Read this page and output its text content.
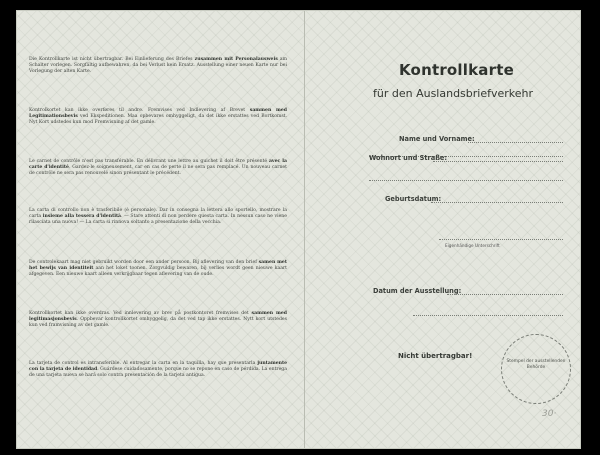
Die Kontrollkarte ist nicht übertragbar. Bei Einlieferung des Briefes zusammen mit Personalausweis am Schalter vorlegen. Sorgfältig aufbewahren, da bei Verlust kein Ersatz. Ausstellung einer neuen Karte nur bei Vorlegung der alten Karte.

Kontrolkortet kan ikke overføres til andre. Fremvises ved Indlevering af Brevet sammen med Legitimationsbevis ved Ekspeditionen. Maa opbevares omhyggeligt, da det ikke erstattes ved Bortkomst. Nyt Kort udstedes kun mod Fremvisning af det gamle.

Le carnet de contrôle n'est pas transférable. En délivrant une lettre au guichet il doit être présenté avec la carte d'identité. Gardez-le soigneusement, car en cas de perte il ne sera pas remplacé. Un nouveau carnet de contrôle ne sera pas renouvelé sinon présentant le précédent.

La carta di controllo non è trasferibile (è personale). Dar in consegna la lettera allo sportello, mostrare la carta insieme alla tessera d'identità. — Stare attenti di non perdere questa carta. In nessun caso ne viene rilasciata una nuova! — La carta si rinnova soltanto a presentazione della vecchia.

De controlekaart mag niet gebruikt worden door een ander persoon. Bij aflevering van den brief samen met het bewijs van identiteit aan het loket toonen. Zorgvuldig bewaren, bij verlies wordt geen nieuwe kaart afgegeven. Een nieuwe kaart alleen verkrijgbaar tegen aflevering van de oude.

Kontrollkortet kan ikke overdras. Ved innlevering av brev på postkontoret fremvises det sammen med legitimasjonsbevis. Oppbevar kontrollkortet omhyggelig, da det ved tap ikke erstattes. Nytt kort utstedes kun ved framvisning av det gamle.

La tarjeta de control es intransferible. Al entregar la carta en la taquilla, hay que presentarla juntamente con la tarjeta de identidad. Guárdese cuidadosamente, porque no se repone en caso de pérdida. La entrega de una tarjeta nueva se hará solo contra presentación de la tarjeta antigua.

Kontrollkarte
für den Auslandsbriefverkehr
Name und Vorname:
Wohnort und Straße:
Geburtsdatum:
Eigenhändige Unterschrift
Datum der Ausstellung:
Nicht übertragbar!
Stempel der ausstellenden Behörde
30·
